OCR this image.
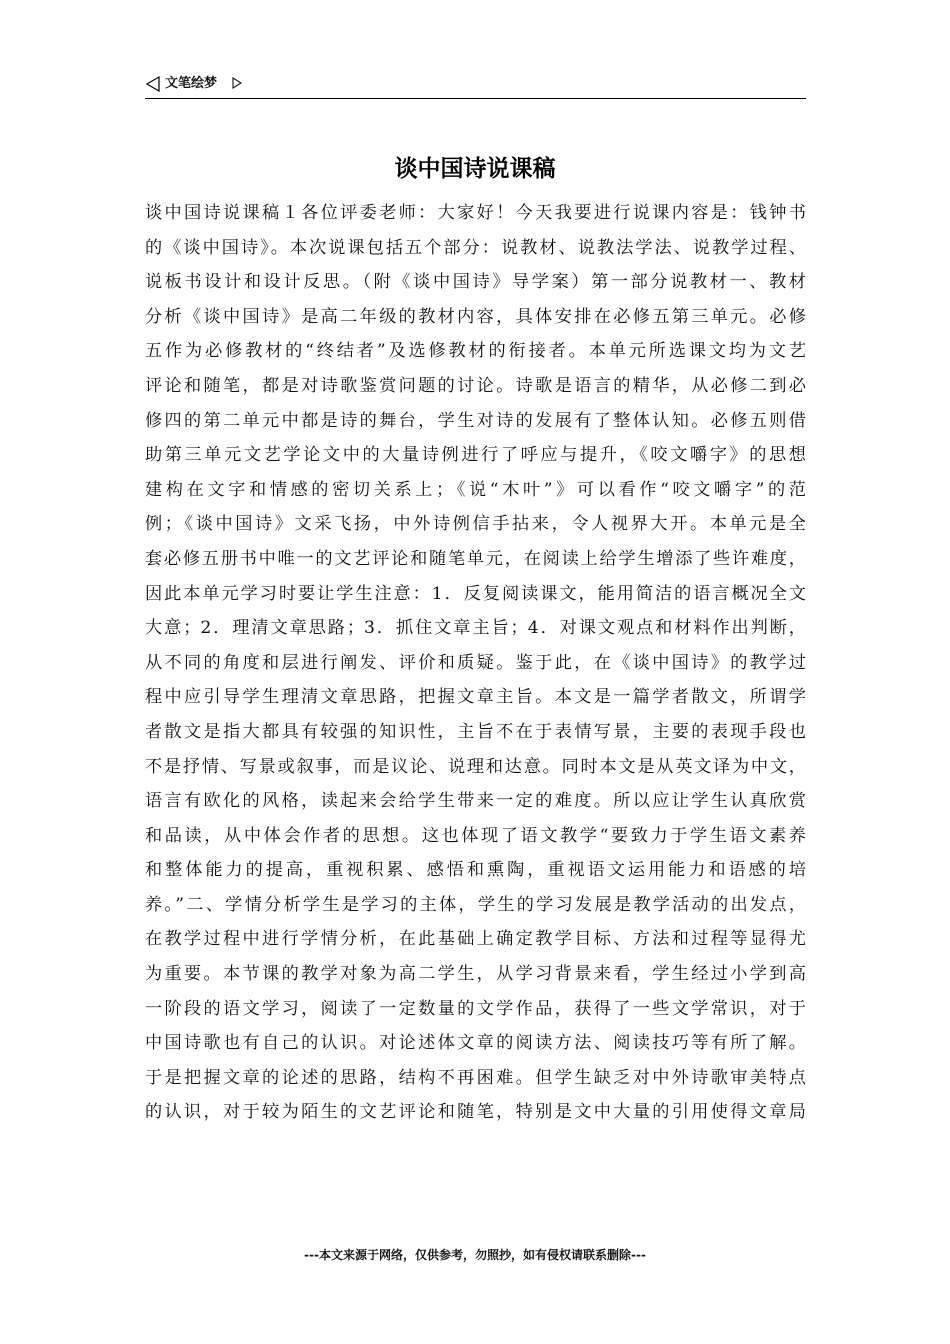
文笔绘梦
谈中国诗说课稿
谈中国诗说课稿１各位评委老师：大家好！今天我要进行说课内容是：钱钟书
的《谈中国诗》。本次说课包括五个部分：说教材、说教法学法、说教学过程、
说板书设计和设计反思。（附《谈中国诗》导学案）第一部分说教材一、教材
分析《谈中国诗》是高二年级的教材内容，具体安排在必修五第三单元。必修
五作为必修教材的“终结者”及选修教材的衔接者。本单元所选课文均为文艺
评论和随笔，都是对诗歌鉴赏问题的讨论。诗歌是语言的精华，从必修二到必
修四的第二单元中都是诗的舞台，学生对诗的发展有了整体认知。必修五则借
助第三单元文艺学论文中的大量诗例进行了呼应与提升，《咬文嚼字》的思想
建构在文字和情感的密切关系上；《说“木叶”》可以看作“咬文嚼字”的范
例；《谈中国诗》文采飞扬，中外诗例信手拈来，令人视界大开。本单元是全
套必修五册书中唯一的文艺评论和随笔单元，在阅读上给学生增添了些许难度，
因此本单元学习时要让学生注意：1．反复阅读课文，能用简洁的语言概况全文
大意；2．理清文章思路；3．抓住文章主旨；4．对课文观点和材料作出判断，
从不同的角度和层进行阐发、评价和质疑。鉴于此，在《谈中国诗》的教学过
程中应引导学生理清文章思路，把握文章主旨。本文是一篇学者散文，所谓学
者散文是指大都具有较强的知识性，主旨不在于表情写景，主要的表现手段也
不是抒情、写景或叙事，而是议论、说理和达意。同时本文是从英文译为中文，
语言有欧化的风格，读起来会给学生带来一定的难度。所以应让学生认真欣赏
和品读，从中体会作者的思想。这也体现了语文教学“要致力于学生语文素养
和整体能力的提高，重视积累、感悟和熏陶，重视语文运用能力和语感的培
养。”二、学情分析学生是学习的主体，学生的学习发展是教学活动的出发点，
在教学过程中进行学情分析，在此基础上确定教学目标、方法和过程等显得尤
为重要。本节课的教学对象为高二学生，从学习背景来看，学生经过小学到高
一阶段的语文学习，阅读了一定数量的文学作品，获得了一些文学常识，对于
中国诗歌也有自己的认识。对论述体文章的阅读方法、阅读技巧等有所了解。
于是把握文章的论述的思路，结构不再困难。但学生缺乏对中外诗歌审美特点
的认识，对于较为陌生的文艺评论和随笔，特别是文中大量的引用使得文章局
---本文来源于网络，仅供参考，勿照抄，如有侵权请联系删除---
